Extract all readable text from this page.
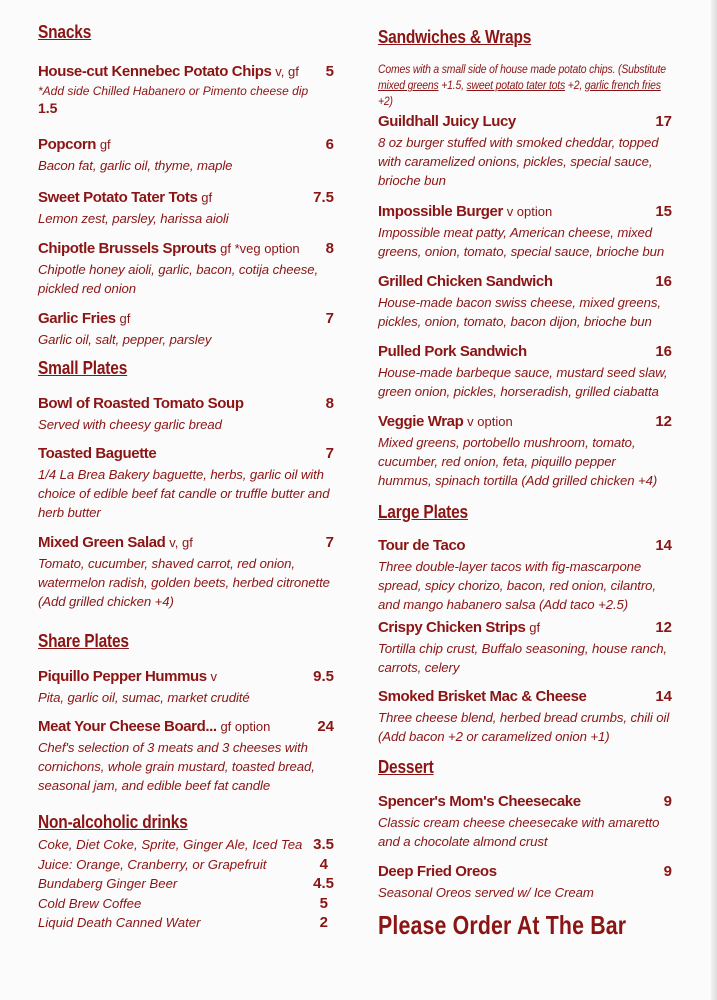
Snacks
House-cut Kennebec Potato Chips v, gf 5
*Add side Chilled Habanero or Pimento cheese dip
1.5
Popcorn gf	6
Bacon fat, garlic oil, thyme, maple
Sweet Potato Tater Tots gf	7.5
Lemon zest, parsley, harissa aioli
Chipotle Brussels Sprouts gf *veg option 8
Chipotle honey aioli, garlic, bacon, cotija cheese, pickled red onion
Garlic Fries gf	7
Garlic oil, salt, pepper, parsley
Small Plates
Bowl of Roasted Tomato Soup	8
Served with cheesy garlic bread
Toasted Baguette	7
1/4 La Brea Bakery baguette, herbs, garlic oil with choice of edible beef fat candle or truffle butter and herb butter
Mixed Green Salad v, gf	7
Tomato, cucumber, shaved carrot, red onion, watermelon radish, golden beets, herbed citronette (Add grilled chicken +4)
Share Plates
Piquillo Pepper Hummus v	9.5
Pita, garlic oil, sumac, market crudité
Meat Your Cheese Board... gf option	24
Chef's selection of 3 meats and 3 cheeses with cornichons, whole grain mustard, toasted bread, seasonal jam, and edible beef fat candle
Non-alcoholic drinks
Coke, Diet Coke, Sprite, Ginger Ale, Iced Tea 3.5
Juice: Orange, Cranberry, or Grapefruit	4
Bundaberg Ginger Beer	4.5
Cold Brew Coffee	5
Liquid Death Canned Water	2
Sandwiches & Wraps
Comes with a small side of house made potato chips. (Substitute
mixed greens +1.5, sweet potato tater tots +2, garlic french fries +2)
Guildhall Juicy Lucy	17
8 oz burger stuffed with smoked cheddar, topped with caramelized onions, pickles, special sauce, brioche bun
Impossible Burger v option	15
Impossible meat patty, American cheese, mixed greens, onion, tomato, special sauce, brioche bun
Grilled Chicken Sandwich	16
House-made bacon swiss cheese, mixed greens, pickles, onion, tomato, bacon dijon, brioche bun
Pulled Pork Sandwich	16
House-made barbeque sauce, mustard seed slaw, green onion, pickles, horseradish, grilled ciabatta
Veggie Wrap v option	12
Mixed greens, portobello mushroom, tomato, cucumber, red onion, feta, piquillo pepper hummus, spinach tortilla (Add grilled chicken +4)
Large Plates
Tour de Taco	14
Three double-layer tacos with fig-mascarpone spread, spicy chorizo, bacon, red onion, cilantro, and mango habanero salsa (Add taco +2.5)
Crispy Chicken Strips gf	12
Tortilla chip crust, Buffalo seasoning, house ranch, carrots, celery
Smoked Brisket Mac & Cheese	14
Three cheese blend, herbed bread crumbs, chili oil (Add bacon +2 or caramelized onion +1)
Dessert
Spencer's Mom's Cheesecake	9
Classic cream cheese cheesecake with amaretto and a chocolate almond crust
Deep Fried Oreos	9
Seasonal Oreos served w/ Ice Cream
Please Order At The Bar
